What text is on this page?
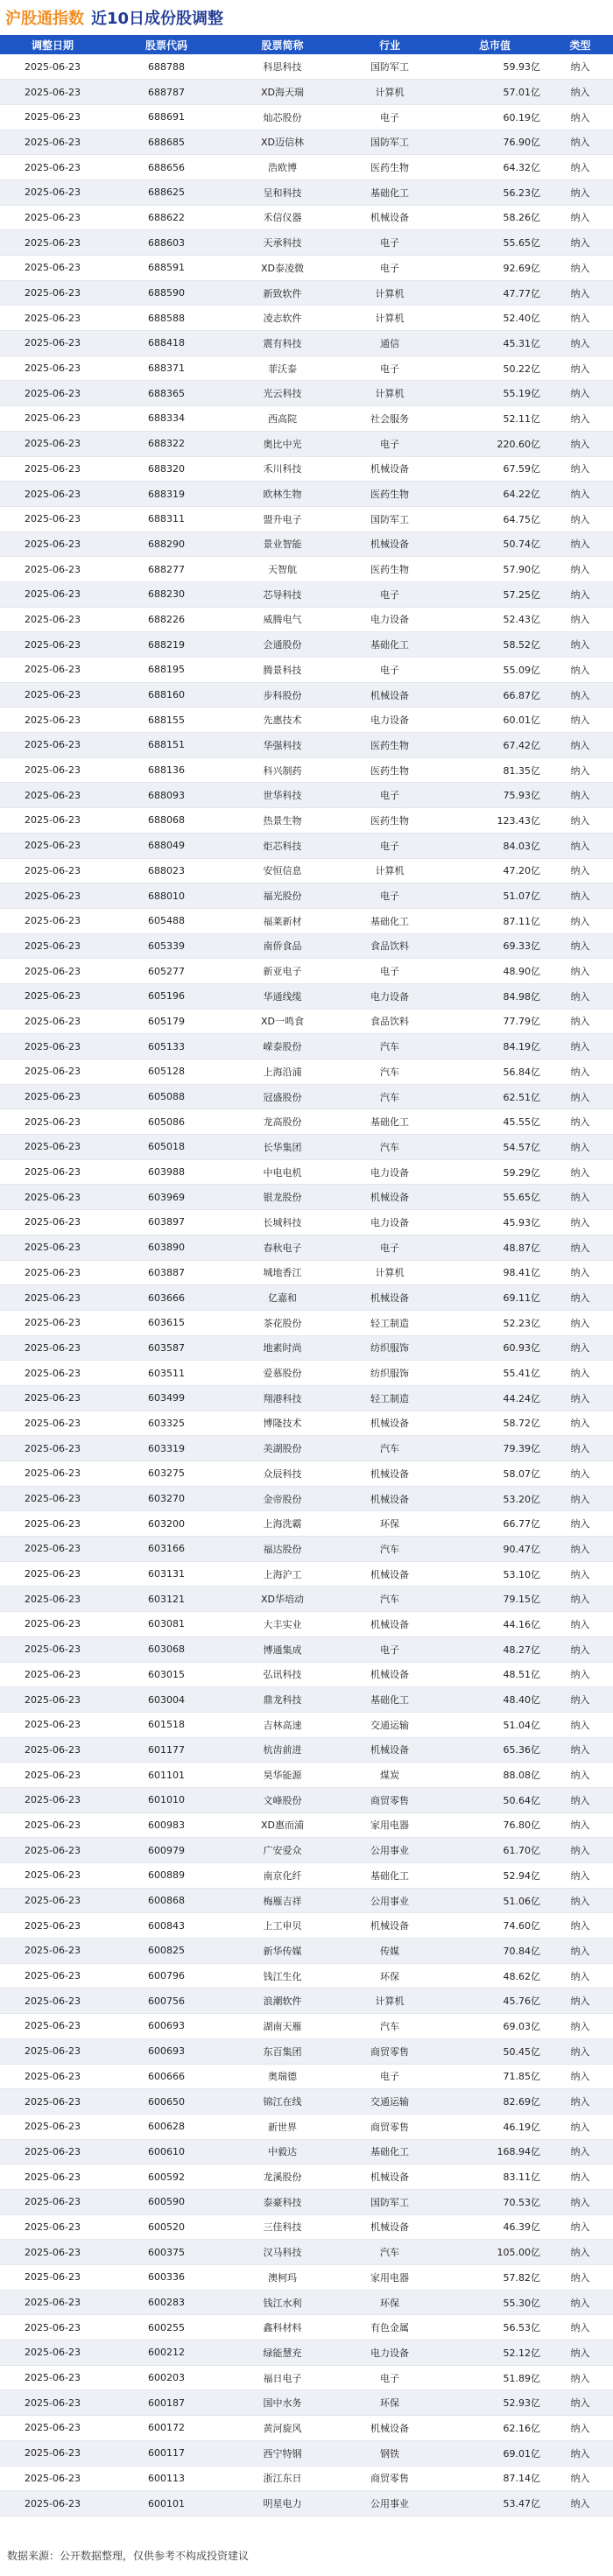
沪股通指数 近10日成份股调整
调整日期	股票代码	股票简称	行业	总市值	类型
2025-06-23	688788	科思科技	国防军工	59.93亿	纳入
2025-06-23	688787	XD海天瑞	计算机	57.01亿	纳入
2025-06-23	688691	灿芯股份	电子	60.19亿	纳入
2025-06-23	688685	XD迈信林	国防军工	76.90亿	纳入
2025-06-23	688656	浩欧博	医药生物	64.32亿	纳入
2025-06-23	688625	呈和科技	基础化工	56.23亿	纳入
2025-06-23	688622	禾信仪器	机械设备	58.26亿	纳入
2025-06-23	688603	天承科技	电子	55.65亿	纳入
2025-06-23	688591	XD泰凌微	电子	92.69亿	纳入
2025-06-23	688590	新致软件	计算机	47.77亿	纳入
2025-06-23	688588	凌志软件	计算机	52.40亿	纳入
2025-06-23	688418	震有科技	通信	45.31亿	纳入
2025-06-23	688371	菲沃泰	电子	50.22亿	纳入
2025-06-23	688365	光云科技	计算机	55.19亿	纳入
2025-06-23	688334	西高院	社会服务	52.11亿	纳入
2025-06-23	688322	奥比中光	电子	220.60亿	纳入
2025-06-23	688320	禾川科技	机械设备	67.59亿	纳入
2025-06-23	688319	欧林生物	医药生物	64.22亿	纳入
2025-06-23	688311	盟升电子	国防军工	64.75亿	纳入
2025-06-23	688290	景业智能	机械设备	50.74亿	纳入
2025-06-23	688277	天智航	医药生物	57.90亿	纳入
2025-06-23	688230	芯导科技	电子	57.25亿	纳入
2025-06-23	688226	威腾电气	电力设备	52.43亿	纳入
2025-06-23	688219	会通股份	基础化工	58.52亿	纳入
2025-06-23	688195	腾景科技	电子	55.09亿	纳入
2025-06-23	688160	步科股份	机械设备	66.87亿	纳入
2025-06-23	688155	先惠技术	电力设备	60.01亿	纳入
2025-06-23	688151	华强科技	医药生物	67.42亿	纳入
2025-06-23	688136	科兴制药	医药生物	81.35亿	纳入
2025-06-23	688093	世华科技	电子	75.93亿	纳入
2025-06-23	688068	热景生物	医药生物	123.43亿	纳入
2025-06-23	688049	炬芯科技	电子	84.03亿	纳入
2025-06-23	688023	安恒信息	计算机	47.20亿	纳入
2025-06-23	688010	福光股份	电子	51.07亿	纳入
2025-06-23	605488	福莱新材	基础化工	87.11亿	纳入
2025-06-23	605339	南侨食品	食品饮料	69.33亿	纳入
2025-06-23	605277	新亚电子	电子	48.90亿	纳入
2025-06-23	605196	华通线缆	电力设备	84.98亿	纳入
2025-06-23	605179	XD一鸣食	食品饮料	77.79亿	纳入
2025-06-23	605133	嵘泰股份	汽车	84.19亿	纳入
2025-06-23	605128	上海沿浦	汽车	56.84亿	纳入
2025-06-23	605088	冠盛股份	汽车	62.51亿	纳入
2025-06-23	605086	龙高股份	基础化工	45.55亿	纳入
2025-06-23	605018	长华集团	汽车	54.57亿	纳入
2025-06-23	603988	中电电机	电力设备	59.29亿	纳入
2025-06-23	603969	银龙股份	机械设备	55.65亿	纳入
2025-06-23	603897	长城科技	电力设备	45.93亿	纳入
2025-06-23	603890	春秋电子	电子	48.87亿	纳入
2025-06-23	603887	城地香江	计算机	98.41亿	纳入
2025-06-23	603666	亿嘉和	机械设备	69.11亿	纳入
2025-06-23	603615	茶花股份	轻工制造	52.23亿	纳入
2025-06-23	603587	地素时尚	纺织服饰	60.93亿	纳入
2025-06-23	603511	爱慕股份	纺织服饰	55.41亿	纳入
2025-06-23	603499	翔港科技	轻工制造	44.24亿	纳入
2025-06-23	603325	博隆技术	机械设备	58.72亿	纳入
2025-06-23	603319	美湖股份	汽车	79.39亿	纳入
2025-06-23	603275	众辰科技	机械设备	58.07亿	纳入
2025-06-23	603270	金帝股份	机械设备	53.20亿	纳入
2025-06-23	603200	上海洗霸	环保	66.77亿	纳入
2025-06-23	603166	福达股份	汽车	90.47亿	纳入
2025-06-23	603131	上海沪工	机械设备	53.10亿	纳入
2025-06-23	603121	XD华培动	汽车	79.15亿	纳入
2025-06-23	603081	大丰实业	机械设备	44.16亿	纳入
2025-06-23	603068	博通集成	电子	48.27亿	纳入
2025-06-23	603015	弘讯科技	机械设备	48.51亿	纳入
2025-06-23	603004	鼎龙科技	基础化工	48.40亿	纳入
2025-06-23	601518	吉林高速	交通运输	51.04亿	纳入
2025-06-23	601177	杭齿前进	机械设备	65.36亿	纳入
2025-06-23	601101	昊华能源	煤炭	88.08亿	纳入
2025-06-23	601010	文峰股份	商贸零售	50.64亿	纳入
2025-06-23	600983	XD惠而浦	家用电器	76.80亿	纳入
2025-06-23	600979	广安爱众	公用事业	61.70亿	纳入
2025-06-23	600889	南京化纤	基础化工	52.94亿	纳入
2025-06-23	600868	梅雁吉祥	公用事业	51.06亿	纳入
2025-06-23	600843	上工申贝	机械设备	74.60亿	纳入
2025-06-23	600825	新华传媒	传媒	70.84亿	纳入
2025-06-23	600796	钱江生化	环保	48.62亿	纳入
2025-06-23	600756	浪潮软件	计算机	45.76亿	纳入
2025-06-23	600693	湖南天雁	汽车	69.03亿	纳入
2025-06-23	600693	东百集团	商贸零售	50.45亿	纳入
2025-06-23	600666	奥瑞德	电子	71.85亿	纳入
2025-06-23	600650	锦江在线	交通运输	82.69亿	纳入
2025-06-23	600628	新世界	商贸零售	46.19亿	纳入
2025-06-23	600610	中毅达	基础化工	168.94亿	纳入
2025-06-23	600592	龙溪股份	机械设备	83.11亿	纳入
2025-06-23	600590	泰豪科技	国防军工	70.53亿	纳入
2025-06-23	600520	三佳科技	机械设备	46.39亿	纳入
2025-06-23	600375	汉马科技	汽车	105.00亿	纳入
2025-06-23	600336	澳柯玛	家用电器	57.82亿	纳入
2025-06-23	600283	钱江水利	环保	55.30亿	纳入
2025-06-23	600255	鑫科材料	有色金属	56.53亿	纳入
2025-06-23	600212	绿能慧充	电力设备	52.12亿	纳入
2025-06-23	600203	福日电子	电子	51.89亿	纳入
2025-06-23	600187	国中水务	环保	52.93亿	纳入
2025-06-23	600172	黄河旋风	机械设备	62.16亿	纳入
2025-06-23	600117	西宁特钢	钢铁	69.01亿	纳入
2025-06-23	600113	浙江东日	商贸零售	87.14亿	纳入
2025-06-23	600101	明星电力	公用事业	53.47亿	纳入
数据来源：公开数据整理，仅供参考不构成投资建议
